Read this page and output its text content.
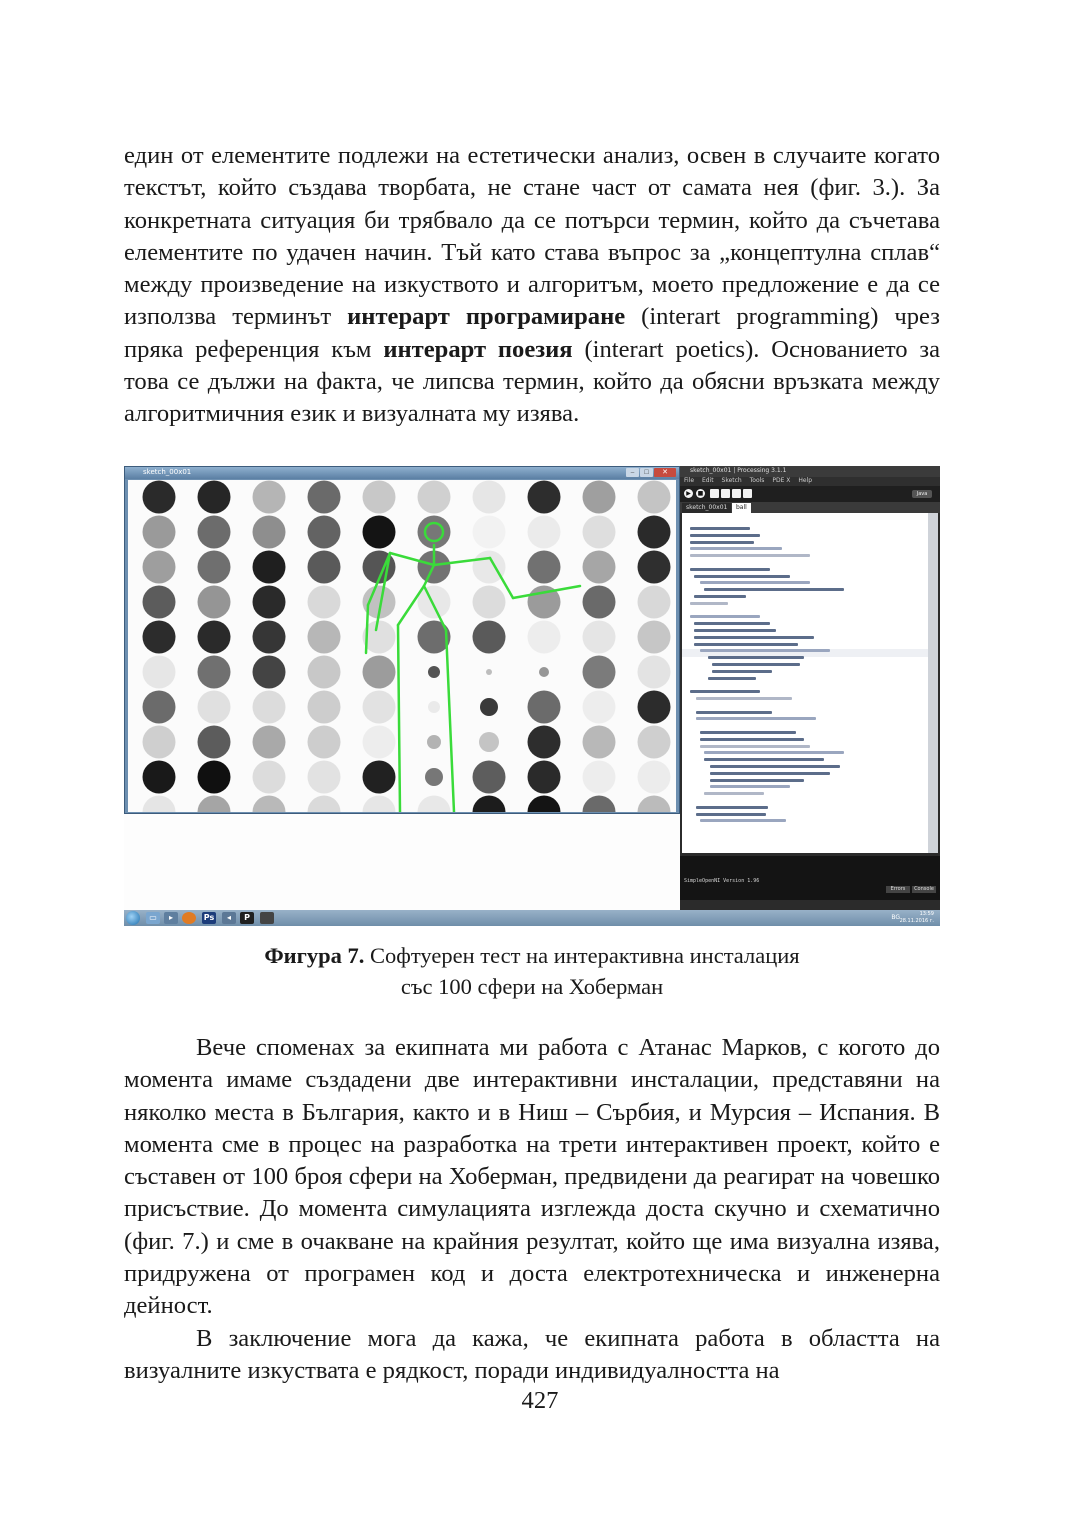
един от елементите подлежи на естетически анализ, освен в случаите когато текстът, който създава творбата, не стане част от самата нея (фиг. 3.). За конкретната ситуация би трябвало да се потърси термин, който да съчетава елементите по удачен начин. Тъй като става въпрос за „концептулна сплав“ между произведение на изкуството и алгоритъм, моето предложение е да се използва терминът интерарт програмиране (interart programming) чрез пряка референция към интерарт поезия (interart poetics). Основанието за това се дължи на факта, че липсва термин, който да обясни връзката между алгоритмичния език и визуалната му изява.

sketch_00x01	–	□	✕	sketch_00x01 | Processing 3.1.1
File Edit Sketch Tools PDE X Help
▶	■	Java
sketch_00x01	ball
SimpleOpenNI Version 1.96
Errors	Console
▭	▸	Ps	◂	P	BG	13:59
28.11.2016 г.
Фигура 7. Софтуерен тест на интерактивна инсталация
със 100 сфери на Хоберман

Вече споменах за екипната ми работа с Атанас Марков, с когото до момента имаме създадени две интерактивни инсталации, представяни на няколко места в България, както и в Ниш – Сърбия, и Мурсия – Испания. В момента сме в процес на разработка на трети интерактивен проект, който е съставен от 100 броя сфери на Хоберман, предвидени да реагират на човешко присъствие. До момента симулацията изглежда доста скучно и схематично (фиг. 7.) и сме в очакване на крайния резултат, който ще има визуална изява, придружена от програмен код и доста електротехническа и инженерна дейност.

В заключение мога да кажа, че екипната работа в областта на визуалните изкуствата е рядкост, поради индивидуалността на

427
